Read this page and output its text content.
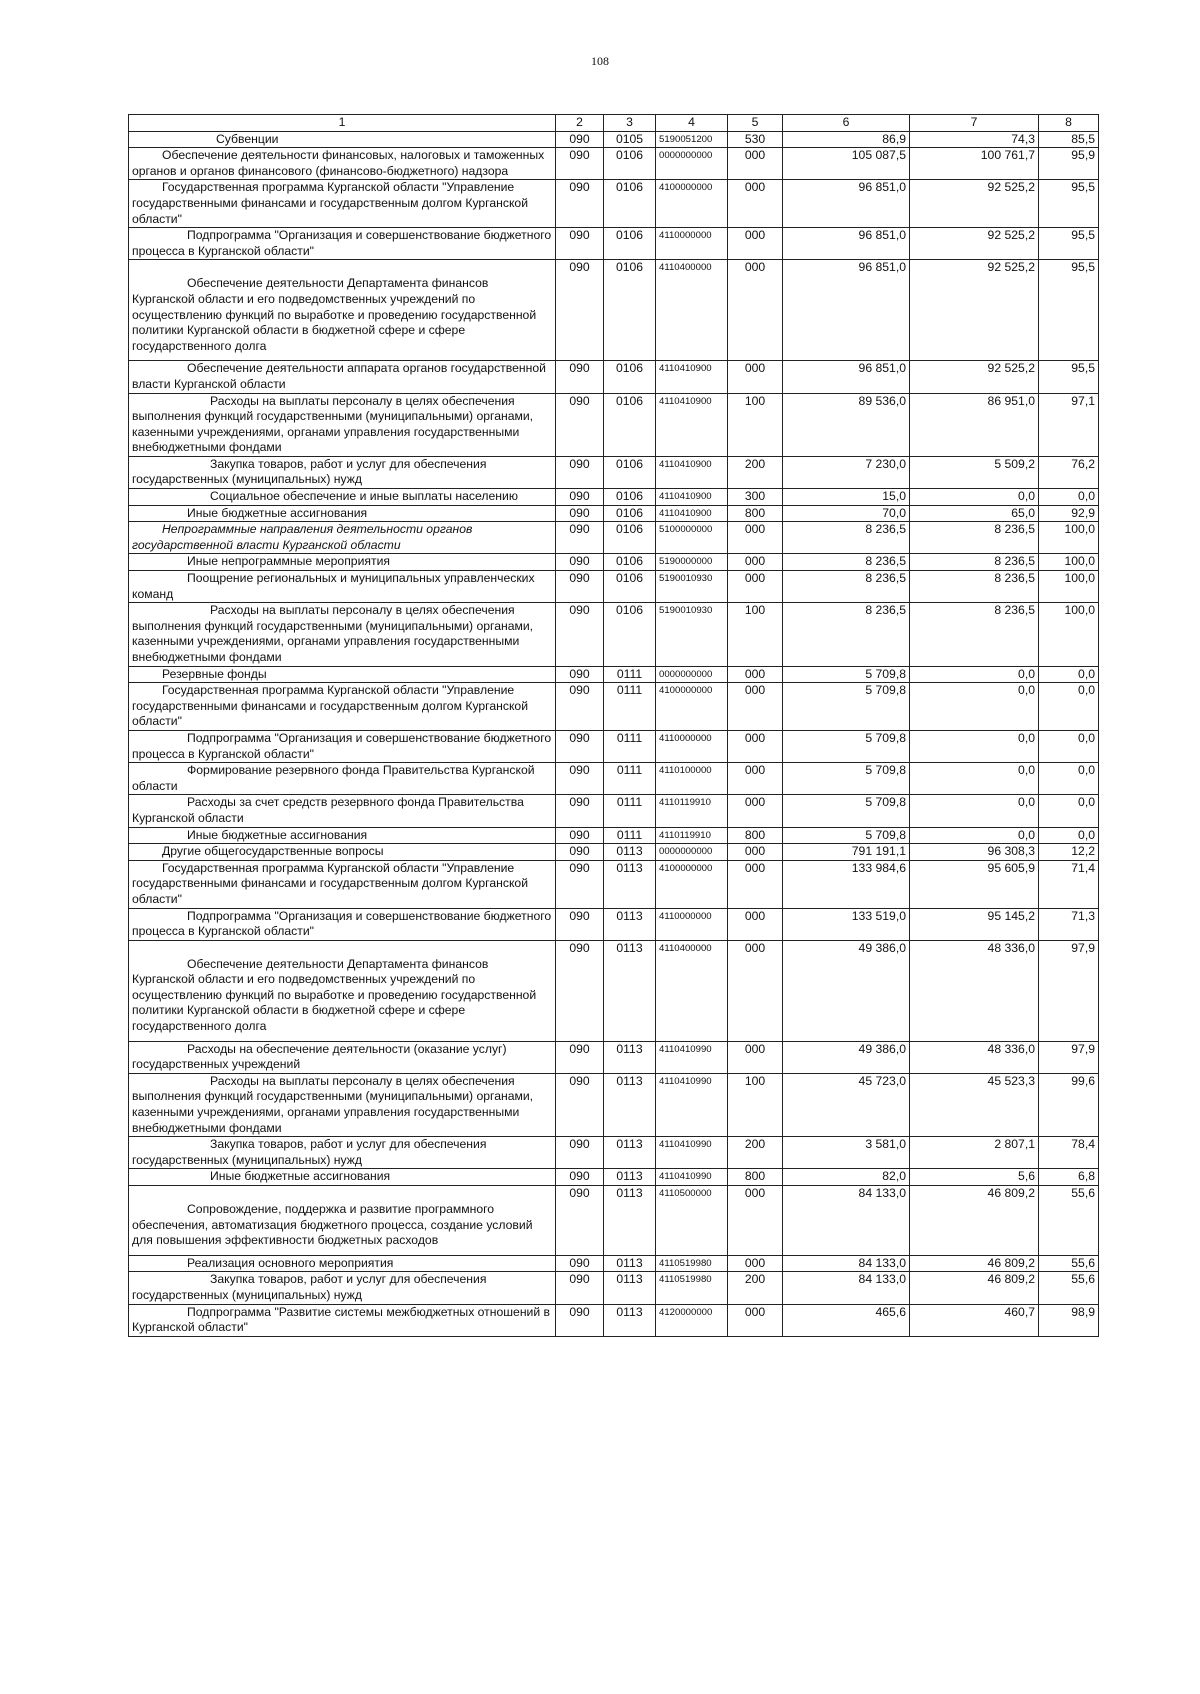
108
1	2	3	4	5	6	7	8
Субвенции	090	0105	5190051200	530	86,9	74,3	85,5
Обеспечение деятельности финансовых, налоговых и таможенных органов и органов финансового (финансово-бюджетного) надзора	090	0106	0000000000	000	105 087,5	100 761,7	95,9
Государственная программа Курганской области "Управление государственными финансами и государственным долгом Курганской области"	090	0106	4100000000	000	96 851,0	92 525,2	95,5
Подпрограмма "Организация и совершенствование бюджетного процесса в Курганской области"	090	0106	4110000000	000	96 851,0	92 525,2	95,5
Обеспечение деятельности Департамента финансов Курганской области и его подведомственных учреждений по осуществлению функций по выработке и проведению государственной политики Курганской области в бюджетной сфере и сфере государственного долга	090	0106	4110400000	000	96 851,0	92 525,2	95,5
Обеспечение деятельности аппарата органов государственной власти Курганской области	090	0106	4110410900	000	96 851,0	92 525,2	95,5
Расходы на выплаты персоналу в целях обеспечения выполнения функций государственными (муниципальными) органами, казенными учреждениями, органами управления государственными внебюджетными фондами	090	0106	4110410900	100	89 536,0	86 951,0	97,1
Закупка товаров, работ и услуг для обеспечения государственных (муниципальных) нужд	090	0106	4110410900	200	7 230,0	5 509,2	76,2
Социальное обеспечение и иные выплаты населению	090	0106	4110410900	300	15,0	0,0	0,0
Иные бюджетные ассигнования	090	0106	4110410900	800	70,0	65,0	92,9
Непрограммные направления деятельности органов государственной власти Курганской области	090	0106	5100000000	000	8 236,5	8 236,5	100,0
Иные непрограммные мероприятия	090	0106	5190000000	000	8 236,5	8 236,5	100,0
Поощрение региональных и муниципальных управленческих команд	090	0106	5190010930	000	8 236,5	8 236,5	100,0
Расходы на выплаты персоналу в целях обеспечения выполнения функций государственными (муниципальными) органами, казенными учреждениями, органами управления государственными внебюджетными фондами	090	0106	5190010930	100	8 236,5	8 236,5	100,0
Резервные фонды	090	0111	0000000000	000	5 709,8	0,0	0,0
Государственная программа Курганской области "Управление государственными финансами и государственным долгом Курганской области"	090	0111	4100000000	000	5 709,8	0,0	0,0
Подпрограмма "Организация и совершенствование бюджетного процесса в Курганской области"	090	0111	4110000000	000	5 709,8	0,0	0,0
Формирование резервного фонда Правительства Курганской области	090	0111	4110100000	000	5 709,8	0,0	0,0
Расходы за счет средств резервного фонда Правительства Курганской области	090	0111	4110119910	000	5 709,8	0,0	0,0
Иные бюджетные ассигнования	090	0111	4110119910	800	5 709,8	0,0	0,0
Другие общегосударственные вопросы	090	0113	0000000000	000	791 191,1	96 308,3	12,2
Государственная программа Курганской области "Управление государственными финансами и государственным долгом Курганской области"	090	0113	4100000000	000	133 984,6	95 605,9	71,4
Подпрограмма "Организация и совершенствование бюджетного процесса в Курганской области"	090	0113	4110000000	000	133 519,0	95 145,2	71,3
Обеспечение деятельности Департамента финансов Курганской области и его подведомственных учреждений по осуществлению функций по выработке и проведению государственной политики Курганской области в бюджетной сфере и сфере государственного долга	090	0113	4110400000	000	49 386,0	48 336,0	97,9
Расходы на обеспечение деятельности (оказание услуг) государственных учреждений	090	0113	4110410990	000	49 386,0	48 336,0	97,9
Расходы на выплаты персоналу в целях обеспечения выполнения функций государственными (муниципальными) органами, казенными учреждениями, органами управления государственными внебюджетными фондами	090	0113	4110410990	100	45 723,0	45 523,3	99,6
Закупка товаров, работ и услуг для обеспечения государственных (муниципальных) нужд	090	0113	4110410990	200	3 581,0	2 807,1	78,4
Иные бюджетные ассигнования	090	0113	4110410990	800	82,0	5,6	6,8
Сопровождение, поддержка и развитие программного обеспечения, автоматизация бюджетного процесса, создание условий для повышения эффективности бюджетных расходов	090	0113	4110500000	000	84 133,0	46 809,2	55,6
Реализация основного мероприятия	090	0113	4110519980	000	84 133,0	46 809,2	55,6
Закупка товаров, работ и услуг для обеспечения государственных (муниципальных) нужд	090	0113	4110519980	200	84 133,0	46 809,2	55,6
Подпрограмма "Развитие системы межбюджетных отношений в Курганской области"	090	0113	4120000000	000	465,6	460,7	98,9
